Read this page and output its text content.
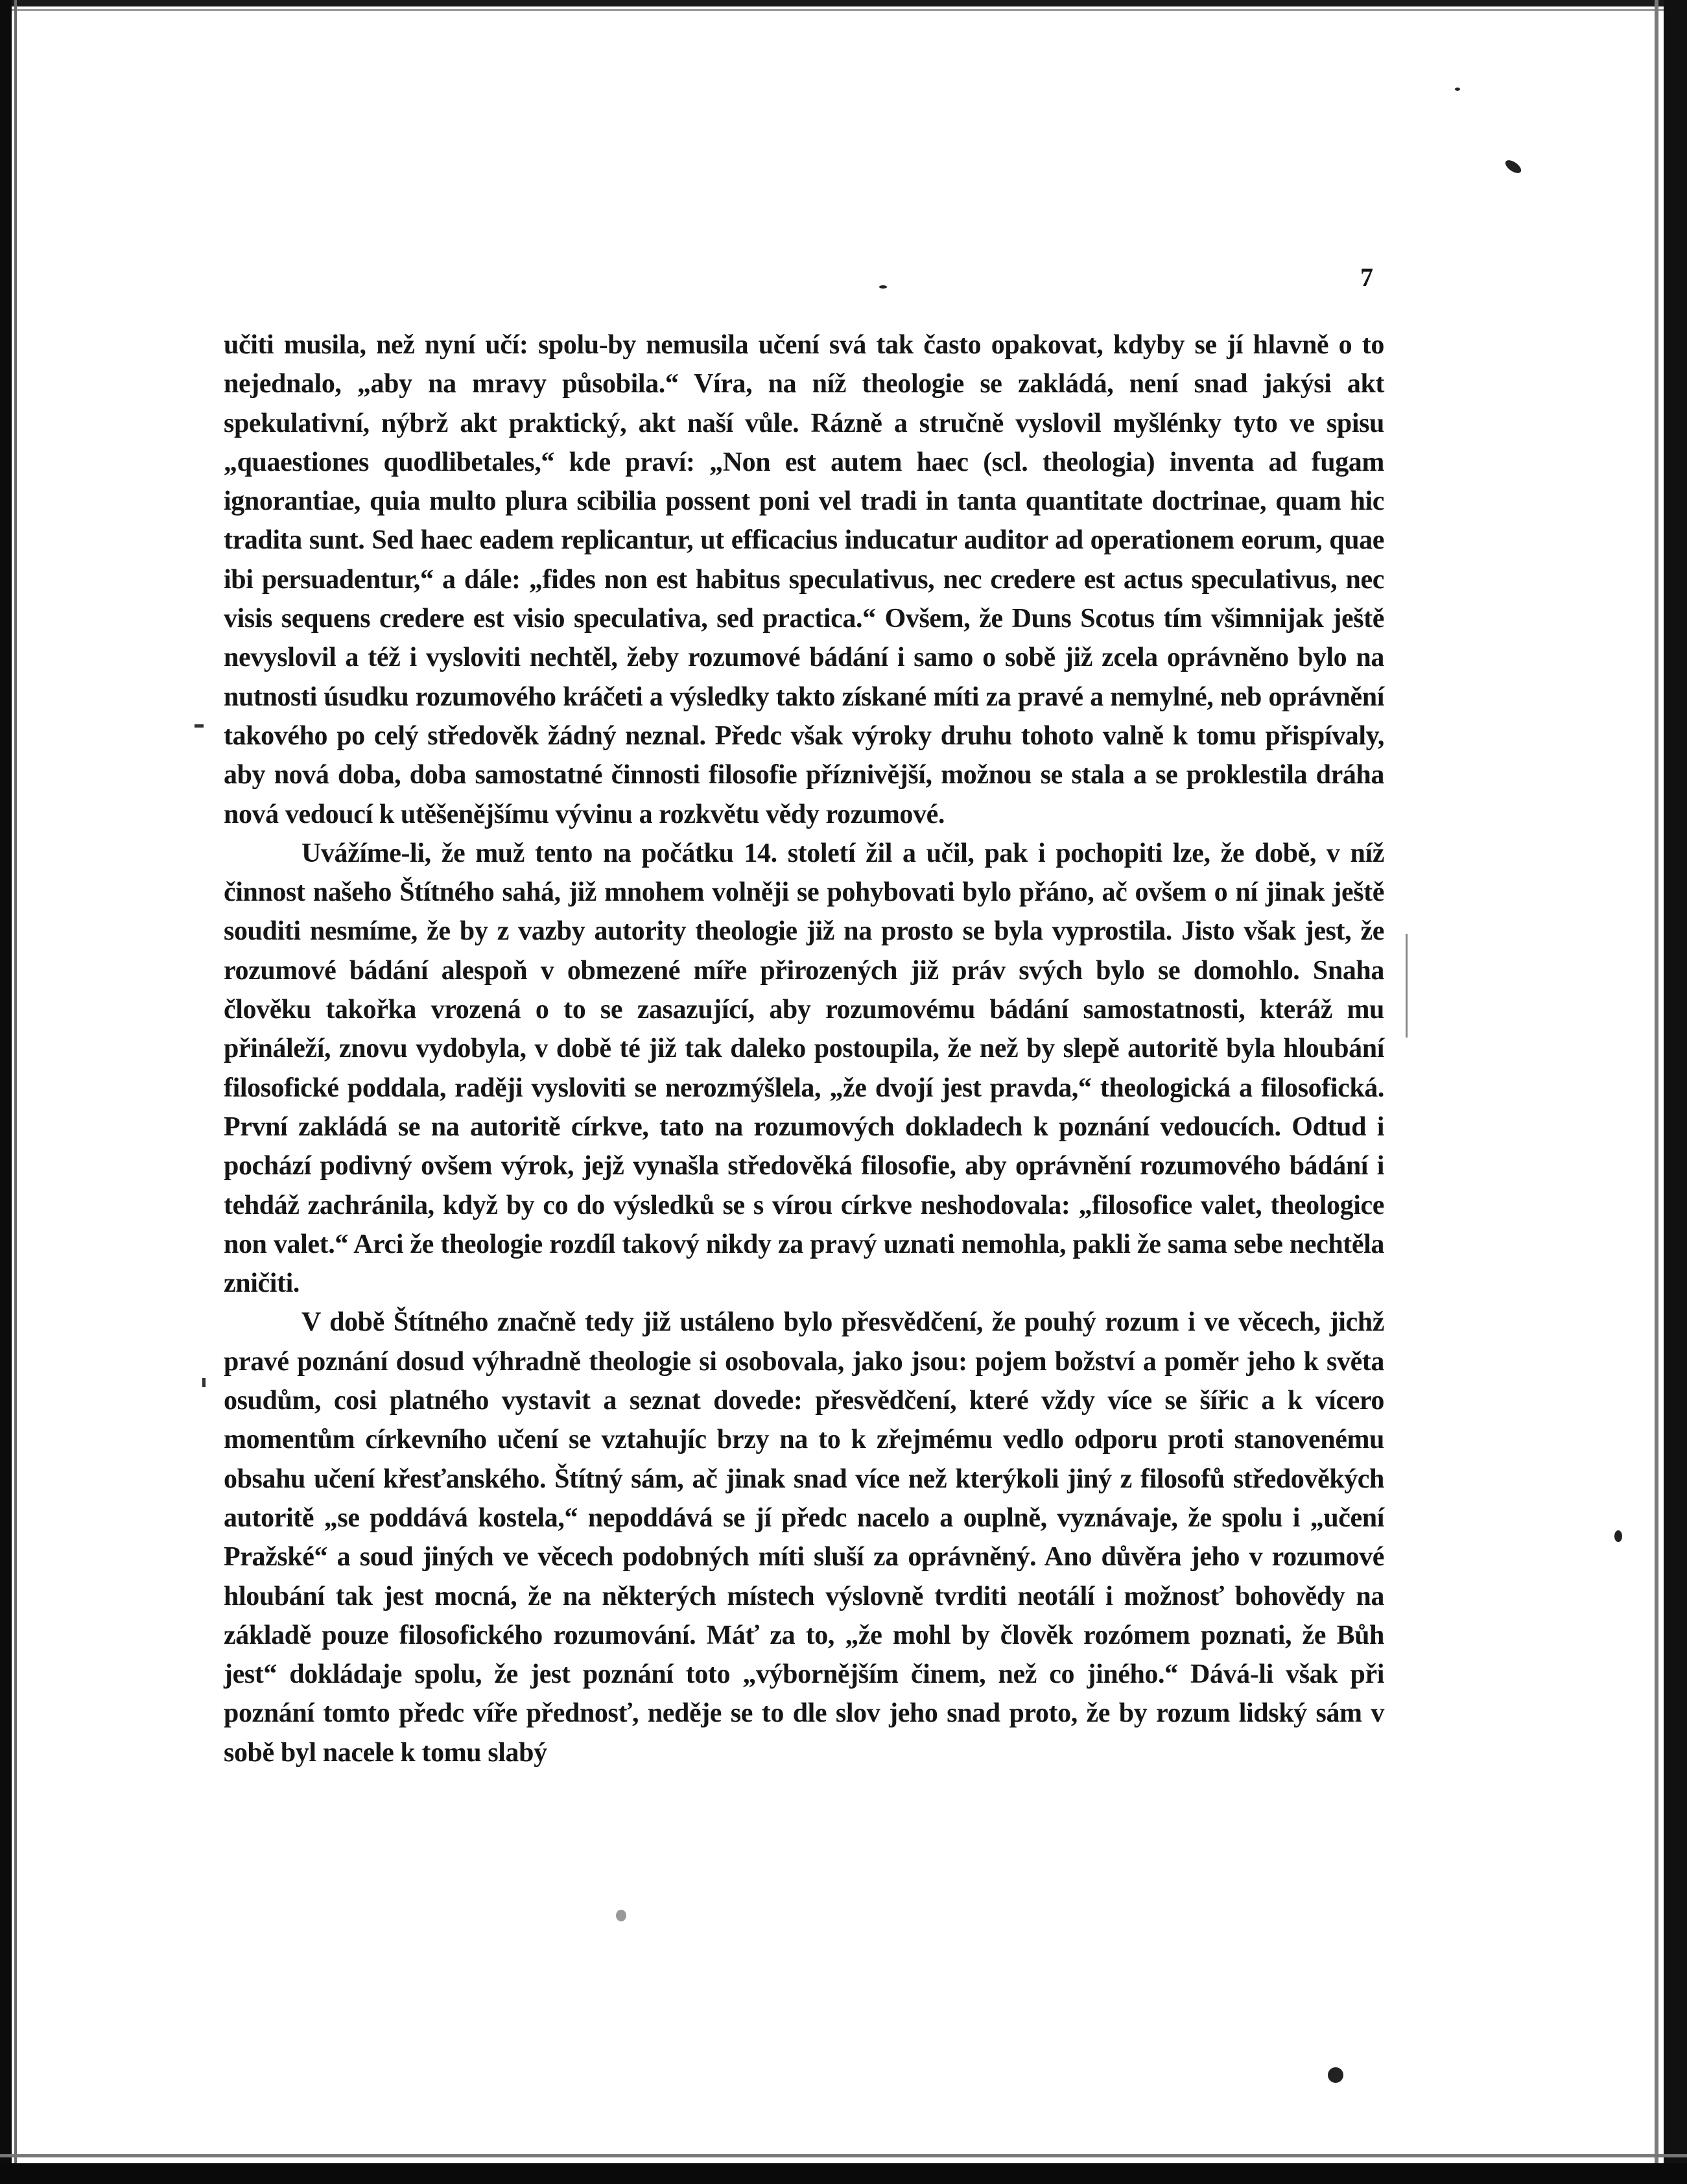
7

učiti musila, než nyní učí: spolu-by nemusila učení svá tak často opakovat, kdyby se jí hlavně o to nejednalo, „aby na mravy působila.“ Víra, na níž theologie se zakládá, není snad jakýsi akt spekulativní, nýbrž akt praktický, akt naší vůle. Rázně a stručně vyslovil myšlénky tyto ve spisu „quaestiones quodlibetales,“ kde praví: „Non est autem haec (scl. theologia) inventa ad fugam ignorantiae, quia multo plura scibilia possent poni vel tradi in tanta quantitate doctrinae, quam hic tradita sunt. Sed haec eadem replicantur, ut efficacius inducatur auditor ad operationem eorum, quae ibi persuadentur,“ a dále: „fides non est habitus speculativus, nec credere est actus speculativus, nec visis sequens credere est visio speculativa, sed practica.“ Ovšem, že Duns Scotus tím všimnijak ještě nevyslovil a též i vysloviti nechtěl, žeby rozumové bádání i samo o sobě již zcela oprávněno bylo na nutnosti úsudku rozumového kráčeti a výsledky takto získané míti za pravé a nemylné, neb oprávnění takového po celý středověk žádný neznal. Předc však výroky druhu tohoto valně k tomu přispívaly, aby nová doba, doba samostatné činnosti filosofie příznivější, možnou se stala a se proklestila dráha nová vedoucí k utěšenějšímu vývinu a rozkvětu vědy rozumové.

Uvážíme-li, že muž tento na počátku 14. století žil a učil, pak i pochopiti lze, že době, v níž činnost našeho Štítného sahá, již mnohem volněji se pohybovati bylo přáno, ač ovšem o ní jinak ještě souditi nesmíme, že by z vazby autority theologie již na prosto se byla vyprostila. Jisto však jest, že rozumové bádání alespoň v obmezené míře přirozených již práv svých bylo se domohlo. Snaha člověku takořka vrozená o to se zasazující, aby rozumovému bádání samostatnosti, kteráž mu přináleží, znovu vydobyla, v době té již tak daleko postoupila, že než by slepě autoritě byla hloubání filosofické poddala, raději vysloviti se nerozmýšlela, „že dvojí jest pravda,“ theologická a filosofická. První zakládá se na autoritě církve, tato na rozumových dokladech k poznání vedoucích. Odtud i pochází podivný ovšem výrok, jejž vynašla středověká filosofie, aby oprávnění rozumového bádání i tehdáž zachránila, když by co do výsledků se s vírou církve neshodovala: „filosofice valet, theologice non valet.“ Arci že theologie rozdíl takový nikdy za pravý uznati nemohla, pakli že sama sebe nechtěla zničiti.

V době Štítného značně tedy již ustáleno bylo přesvědčení, že pouhý rozum i ve věcech, jichž pravé poznání dosud výhradně theologie si osobovala, jako jsou: pojem božství a poměr jeho k světa osudům, cosi platného vystavit a seznat dovede: přesvědčení, které vždy více se šířic a k vícero momentům církevního učení se vztahujíc brzy na to k zřejmému vedlo odporu proti stanovenému obsahu učení křesťanského. Štítný sám, ač jinak snad více než kterýkoli jiný z filosofů středověkých autoritě „se poddává kostela,“ nepoddává se jí předc nacelo a ouplně, vyznávaje, že spolu i „učení Pražské“ a soud jiných ve věcech podobných míti sluší za oprávněný. Ano důvěra jeho v rozumové hloubání tak jest mocná, že na některých místech výslovně tvrditi neotálí i možnosť bohovědy na základě pouze filosofického rozumování. Máť za to, „že mohl by člověk rozómem poznati, že Bůh jest“ dokládaje spolu, že jest poznání toto „výbornějším činem, než co jiného.“ Dává-li však při poznání tomto předc víře přednosť, neděje se to dle slov jeho snad proto, že by rozum lidský sám v sobě byl nacele k tomu slabý
